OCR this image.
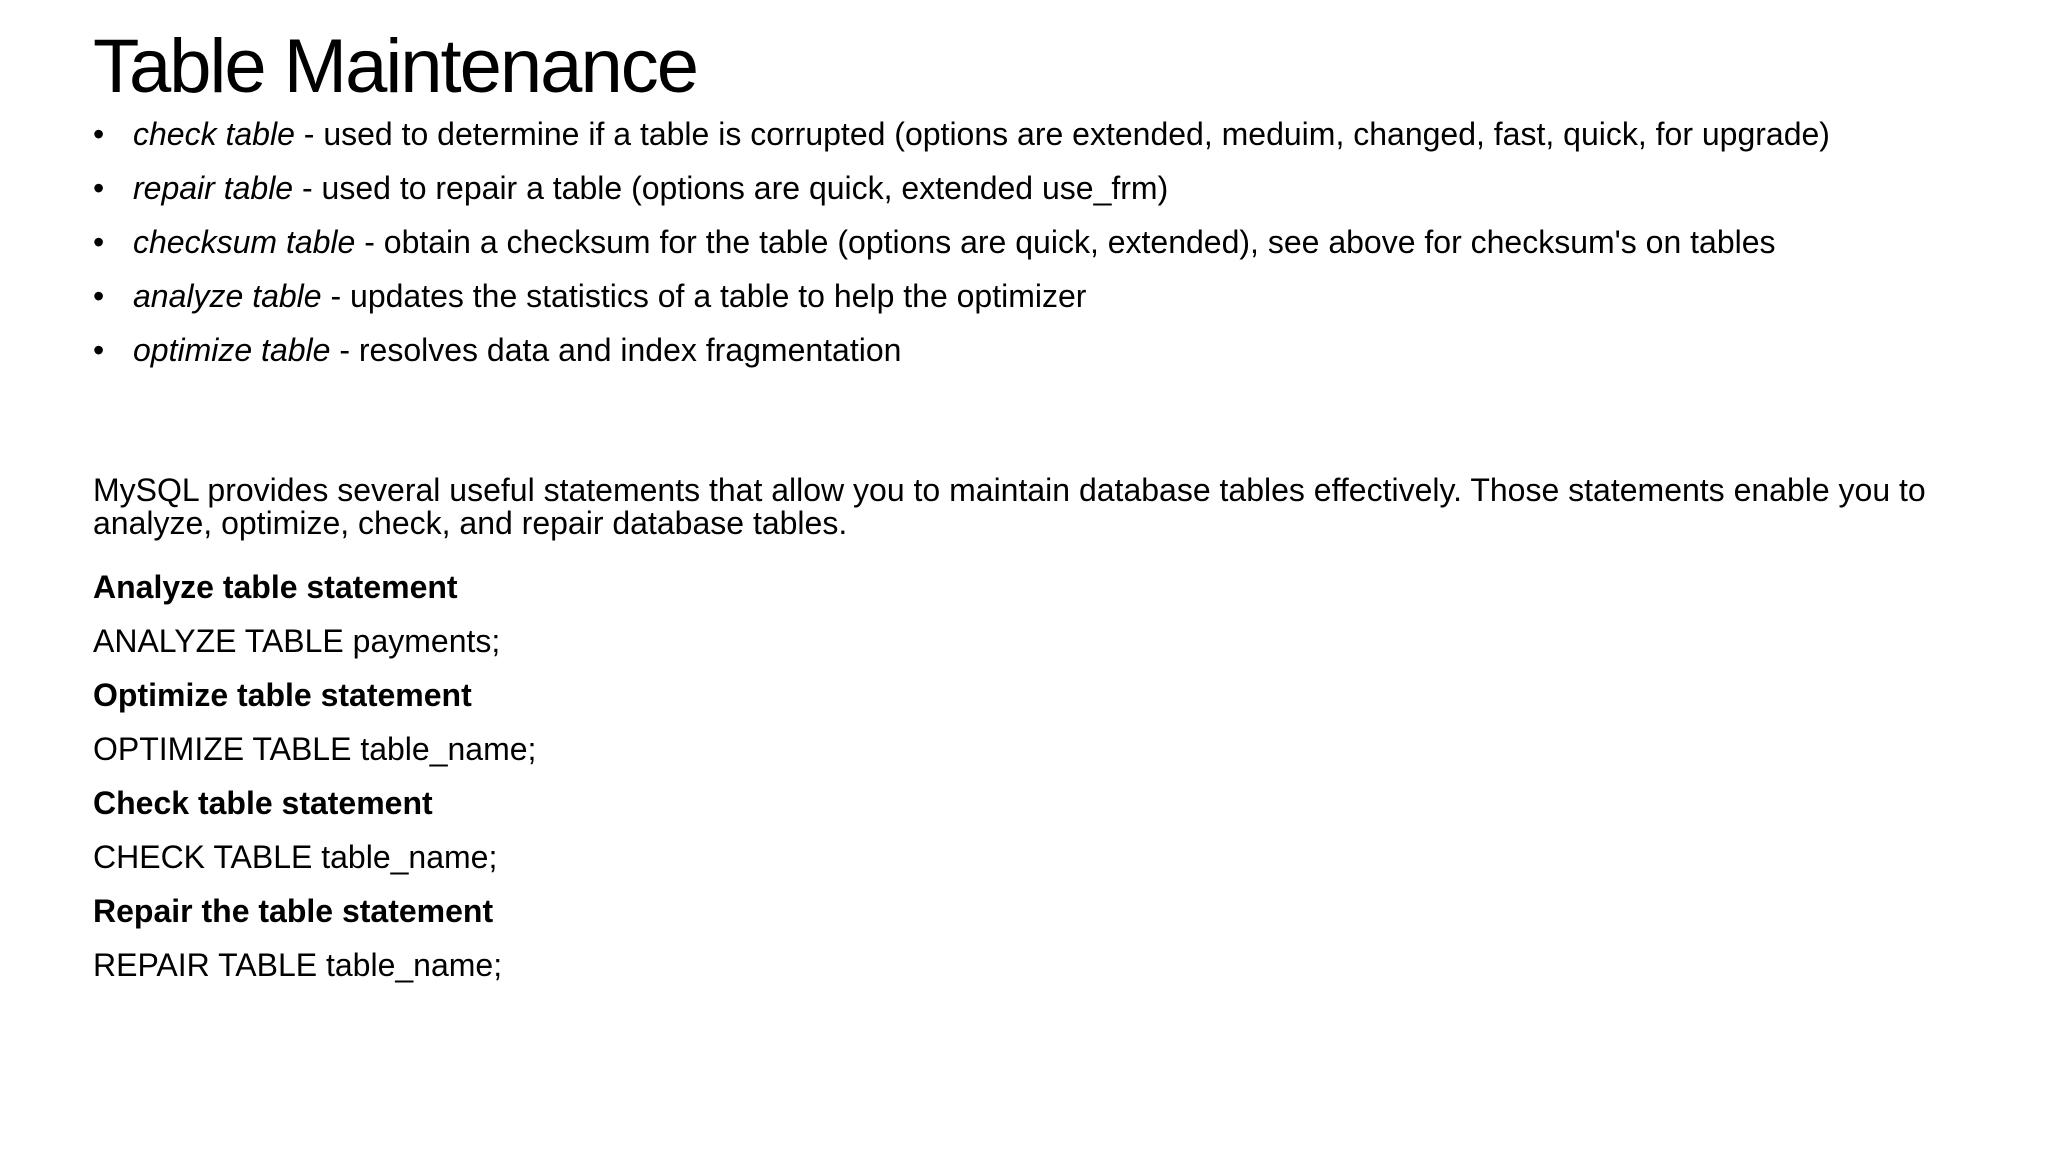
Table Maintenance
• check table - used to determine if a table is corrupted (options are extended, meduim, changed, fast, quick, for upgrade)
• repair table - used to repair a table (options are quick, extended use_frm)
• checksum table - obtain a checksum for the table (options are quick, extended), see above for checksum's on tables
• analyze table - updates the statistics of a table to help the optimizer
• optimize table - resolves data and index fragmentation

MySQL provides several useful statements that allow you to maintain database tables effectively. Those statements enable you to analyze, optimize, check, and repair database tables.

Analyze table statement
ANALYZE TABLE payments;
Optimize table statement
OPTIMIZE TABLE table_name;
Check table statement
CHECK TABLE table_name;
Repair the table statement
REPAIR TABLE table_name;
